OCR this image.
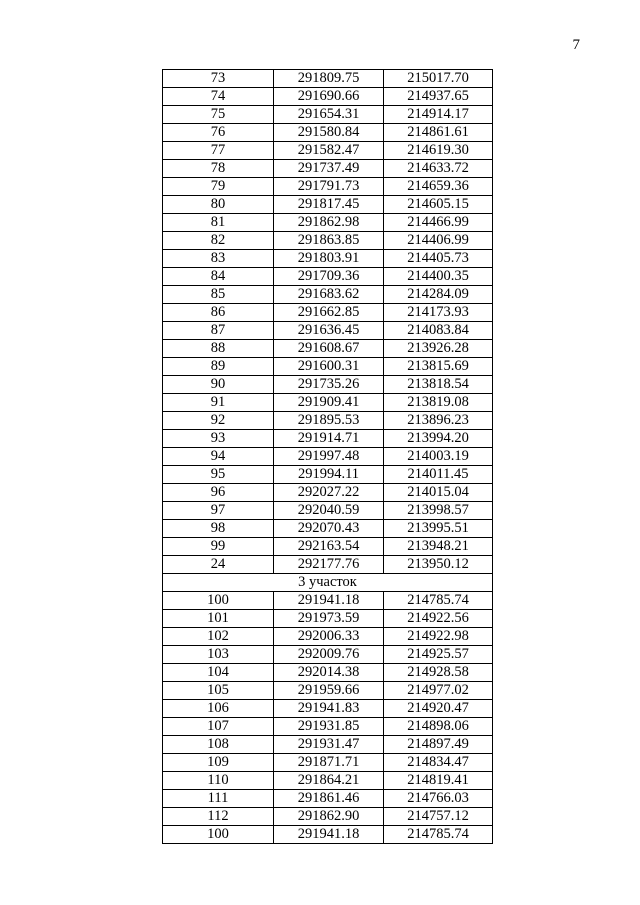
7
73	291809.75	215017.70
74	291690.66	214937.65
75	291654.31	214914.17
76	291580.84	214861.61
77	291582.47	214619.30
78	291737.49	214633.72
79	291791.73	214659.36
80	291817.45	214605.15
81	291862.98	214466.99
82	291863.85	214406.99
83	291803.91	214405.73
84	291709.36	214400.35
85	291683.62	214284.09
86	291662.85	214173.93
87	291636.45	214083.84
88	291608.67	213926.28
89	291600.31	213815.69
90	291735.26	213818.54
91	291909.41	213819.08
92	291895.53	213896.23
93	291914.71	213994.20
94	291997.48	214003.19
95	291994.11	214011.45
96	292027.22	214015.04
97	292040.59	213998.57
98	292070.43	213995.51
99	292163.54	213948.21
24	292177.76	213950.12
3 участок		
100	291941.18	214785.74
101	291973.59	214922.56
102	292006.33	214922.98
103	292009.76	214925.57
104	292014.38	214928.58
105	291959.66	214977.02
106	291941.83	214920.47
107	291931.85	214898.06
108	291931.47	214897.49
109	291871.71	214834.47
110	291864.21	214819.41
111	291861.46	214766.03
112	291862.90	214757.12
100	291941.18	214785.74
